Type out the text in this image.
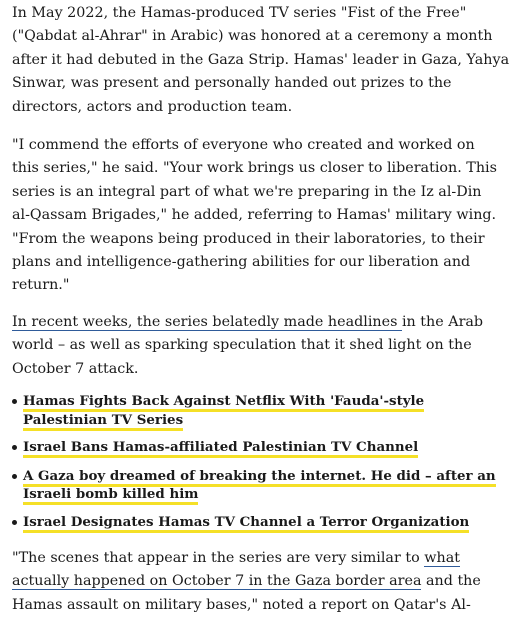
In May 2022, the Hamas-produced TV series "Fist of the Free"
("Qabdat al-Ahrar" in Arabic) was honored at a ceremony a month
after it had debuted in the Gaza Strip. Hamas' leader in Gaza, Yahya
Sinwar, was present and personally handed out prizes to the
directors, actors and production team.

"I commend the efforts of everyone who created and worked on
this series," he said. "Your work brings us closer to liberation. This
series is an integral part of what we're preparing in the Iz al-Din
al-Qassam Brigades," he added, referring to Hamas' military wing.
"From the weapons being produced in their laboratories, to their
plans and intelligence-gathering abilities for our liberation and
return."

In recent weeks, the series belatedly made headlines in the Arab
world – as well as sparking speculation that it shed light on the
October 7 attack.

Hamas Fights Back Against Netflix With 'Fauda'-style
Palestinian TV Series
Israel Bans Hamas-affiliated Palestinian TV Channel
A Gaza boy dreamed of breaking the internet. He did – after an
Israeli bomb killed him
Israel Designates Hamas TV Channel a Terror Organization

"The scenes that appear in the series are very similar to what
actually happened on October 7 in the Gaza border area and the
Hamas assault on military bases," noted a report on Qatar's Al-
